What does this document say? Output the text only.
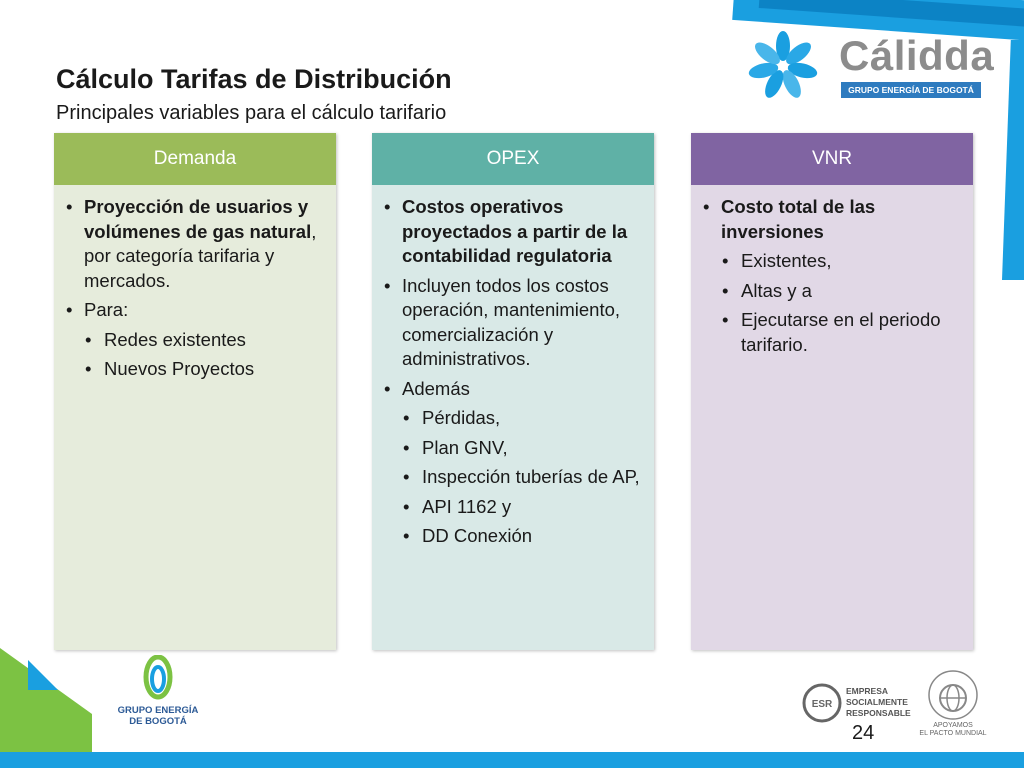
Cálculo Tarifas de Distribución
Principales variables para el cálculo tarifario
Cálidda
GRUPO ENERGÍA DE BOGOTÁ
Demanda
• Proyección de usuarios y volúmenes de gas natural, por categoría tarifaria y mercados.
• Para:
• Redes existentes
• Nuevos Proyectos
OPEX
• Costos operativos proyectados a partir de la contabilidad regulatoria
• Incluyen todos los costos operación, mantenimiento, comercialización y administrativos.
• Además
• Pérdidas,
• Plan GNV,
• Inspección tuberías de AP,
• API 1162 y
• DD Conexión
VNR
• Costo total de las inversiones
• Existentes,
• Altas y a
• Ejecutarse en el periodo tarifario.
GRUPO ENERGÍA
DE BOGOTÁ
ESR
EMPRESA
SOCIALMENTE
RESPONSABLE
APOYAMOS
EL PACTO MUNDIAL
24
